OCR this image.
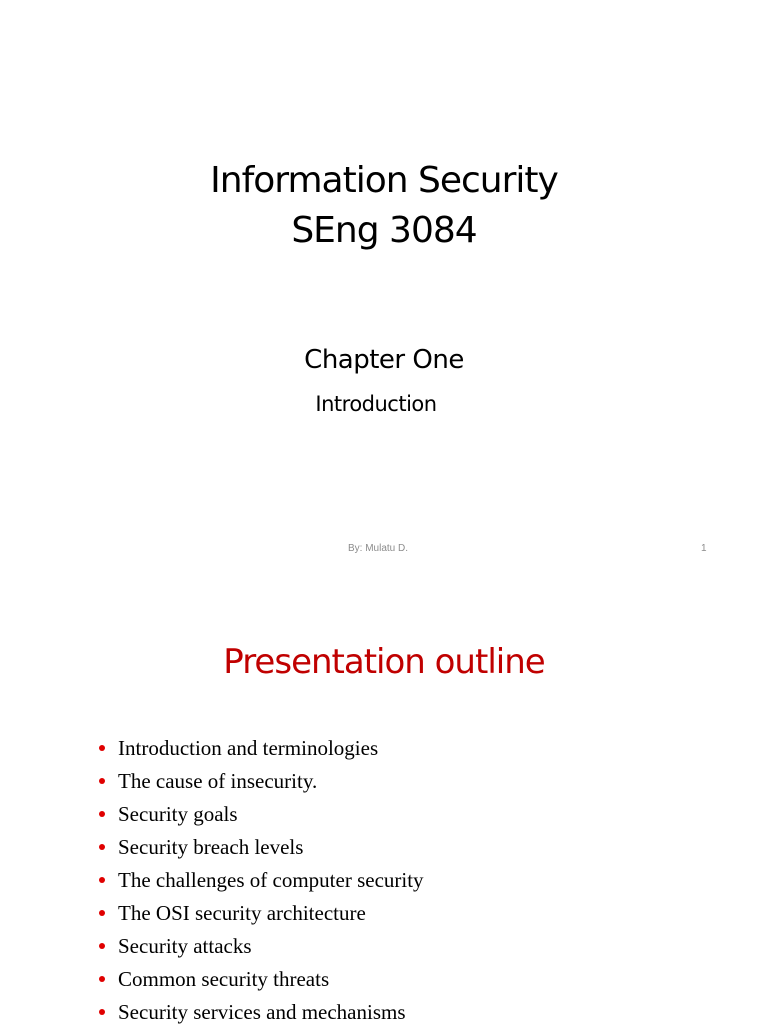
Information Security
SEng 3084
Chapter One
Introduction
By: Mulatu D.	1
Presentation outline
Introduction and terminologies
The cause of insecurity.
Security goals
Security breach levels
The challenges of computer security
The OSI security architecture
Security attacks
Common security threats
Security services and mechanisms
